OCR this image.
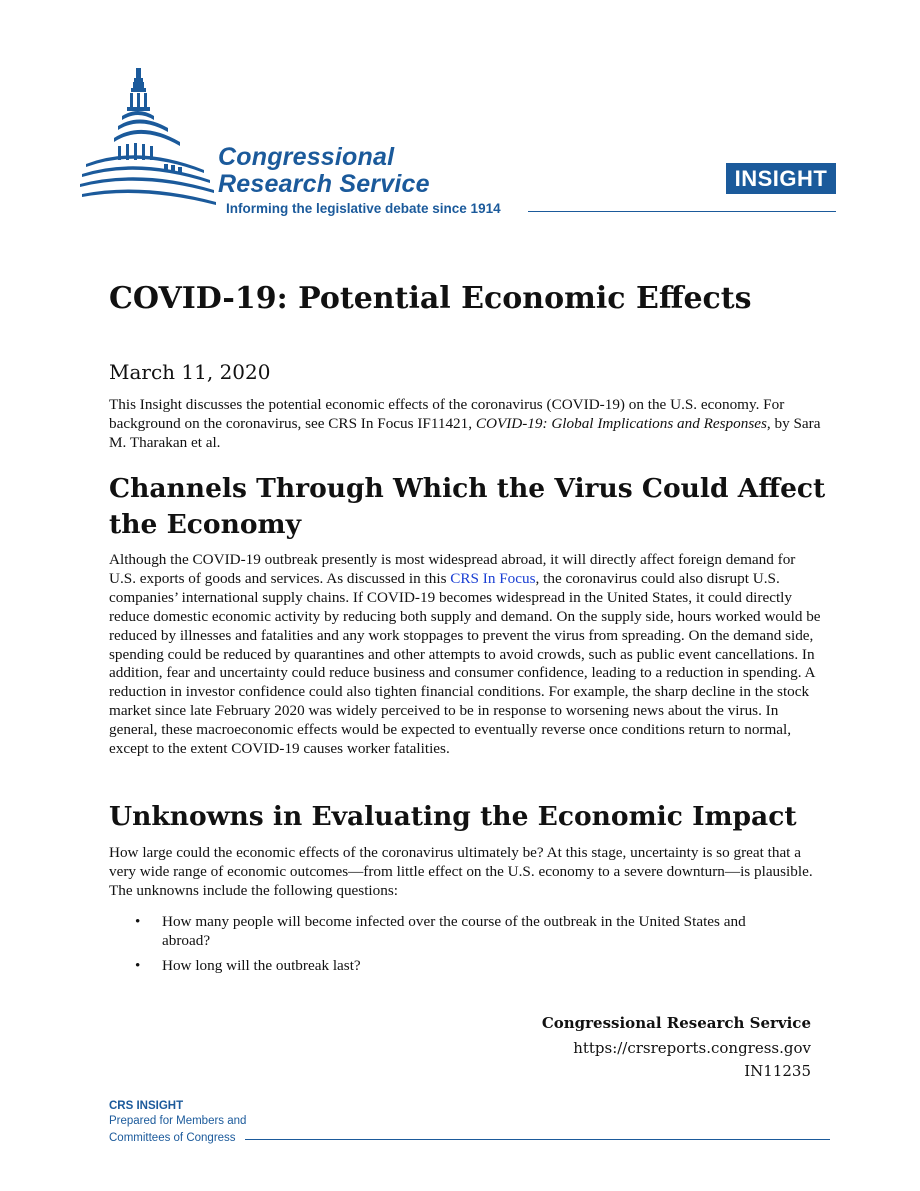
Congressional
Research Service
Informing the legislative debate since 1914
INSIGHT
COVID-19: Potential Economic Effects
March 11, 2020

This Insight discusses the potential economic effects of the coronavirus (COVID-19) on the U.S. economy. For background on the coronavirus, see CRS In Focus IF11421, COVID-19: Global Implications and Responses, by Sara M. Tharakan et al.

Channels Through Which the Virus Could Affect the Economy

Although the COVID-19 outbreak presently is most widespread abroad, it will directly affect foreign demand for U.S. exports of goods and services. As discussed in this CRS In Focus, the coronavirus could also disrupt U.S. companies’ international supply chains. If COVID-19 becomes widespread in the United States, it could directly reduce domestic economic activity by reducing both supply and demand. On the supply side, hours worked would be reduced by illnesses and fatalities and any work stoppages to prevent the virus from spreading. On the demand side, spending could be reduced by quarantines and other attempts to avoid crowds, such as public event cancellations. In addition, fear and uncertainty could reduce business and consumer confidence, leading to a reduction in spending. A reduction in investor confidence could also tighten financial conditions. For example, the sharp decline in the stock market since late February 2020 was widely perceived to be in response to worsening news about the virus. In general, these macroeconomic effects would be expected to eventually reverse once conditions return to normal, except to the extent COVID-19 causes worker fatalities.

Unknowns in Evaluating the Economic Impact

How large could the economic effects of the coronavirus ultimately be? At this stage, uncertainty is so great that a very wide range of economic outcomes—from little effect on the U.S. economy to a severe downturn—is plausible. The unknowns include the following questions:

• How many people will become infected over the course of the outbreak in the United States and abroad?
• How long will the outbreak last?
Congressional Research Service
https://crsreports.congress.gov
IN11235
CRS INSIGHT
Prepared for Members and
Committees of Congress
